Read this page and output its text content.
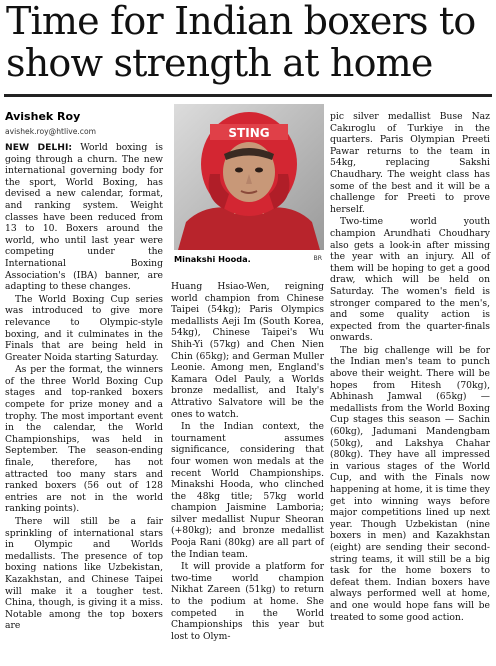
Time for Indian boxers to
show strength at home
Avishek Roy
avishek.roy@htlive.com	STING
Minakshi Hooda.	BR

NEW DELHI: World boxing is going through a churn. The new international governing body for the sport, World Boxing, has devised a new calendar, format, and ranking system. Weight classes have been reduced from 13 to 10. Boxers around the world, who until last year were competing under the International Boxing Association's (IBA) banner, are adapting to these changes.

The World Boxing Cup series was introduced to give more relevance to Olympic-style boxing, and it culminates in the Finals that are being held in Greater Noida starting Saturday.

As per the format, the winners of the three World Boxing Cup stages and top-ranked boxers compete for prize money and a trophy. The most important event in the calendar, the World Championships, was held in September. The season-ending finale, therefore, has not attracted too many stars and ranked boxers (56 out of 128 entries are not in the world ranking points).

There will still be a fair sprinkling of international stars in Olympic and Worlds medallists. The presence of top boxing nations like Uzbekistan, Kazakhstan, and Chinese Taipei will make it a tougher test. China, though, is giving it a miss. Notable among the top boxers are

Huang Hsiao-Wen, reigning world champion from Chinese Taipei (54kg); Paris Olympics medallists Aeji Im (South Korea, 54kg), Chinese Taipei's Wu Shih-Yi (57kg) and Chen Nien Chin (65kg); and German Muller Leonie. Among men, England's Kamara Odel Pauly, a Worlds bronze medallist, and Italy's Attrativo Salvatore will be the ones to watch.

In the Indian context, the tournament assumes significance, considering that four women won medals at the recent World Championships. Minakshi Hooda, who clinched the 48kg title; 57kg world champion Jaismine Lamboria; silver medallist Nupur Sheoran (+80kg); and bronze medallist Pooja Rani (80kg) are all part of the Indian team.

It will provide a platform for two-time world champion Nikhat Zareen (51kg) to return to the podium at home. She competed in the World Championships this year but lost to Olym-

pic silver medallist Buse Naz Cakıroglu of Turkiye in the quarters. Paris Olympian Preeti Pawar returns to the team in 54kg, replacing Sakshi Chaudhary. The weight class has some of the best and it will be a challenge for Preeti to prove herself.

Two-time world youth champion Arundhati Choudhary also gets a look-in after missing the year with an injury. All of them will be hoping to get a good draw, which will be held on Saturday. The women's field is stronger compared to the men's, and some quality action is expected from the quarter-finals onwards.

The big challenge will be for the Indian men's team to punch above their weight. There will be hopes from Hitesh (70kg), Abhinash Jamwal (65kg) — medallists from the World Boxing Cup stages this season — Sachin (60kg), Jadumani Mandengbam (50kg), and Lakshya Chahar (80kg). They have all impressed in various stages of the World Cup, and with the Finals now happening at home, it is time they get into winning ways before major competitions lined up next year. Though Uzbekistan (nine boxers in men) and Kazakhstan (eight) are sending their second-string teams, it will still be a big task for the home boxers to defeat them. Indian boxers have always performed well at home, and one would hope fans will be treated to some good action.
